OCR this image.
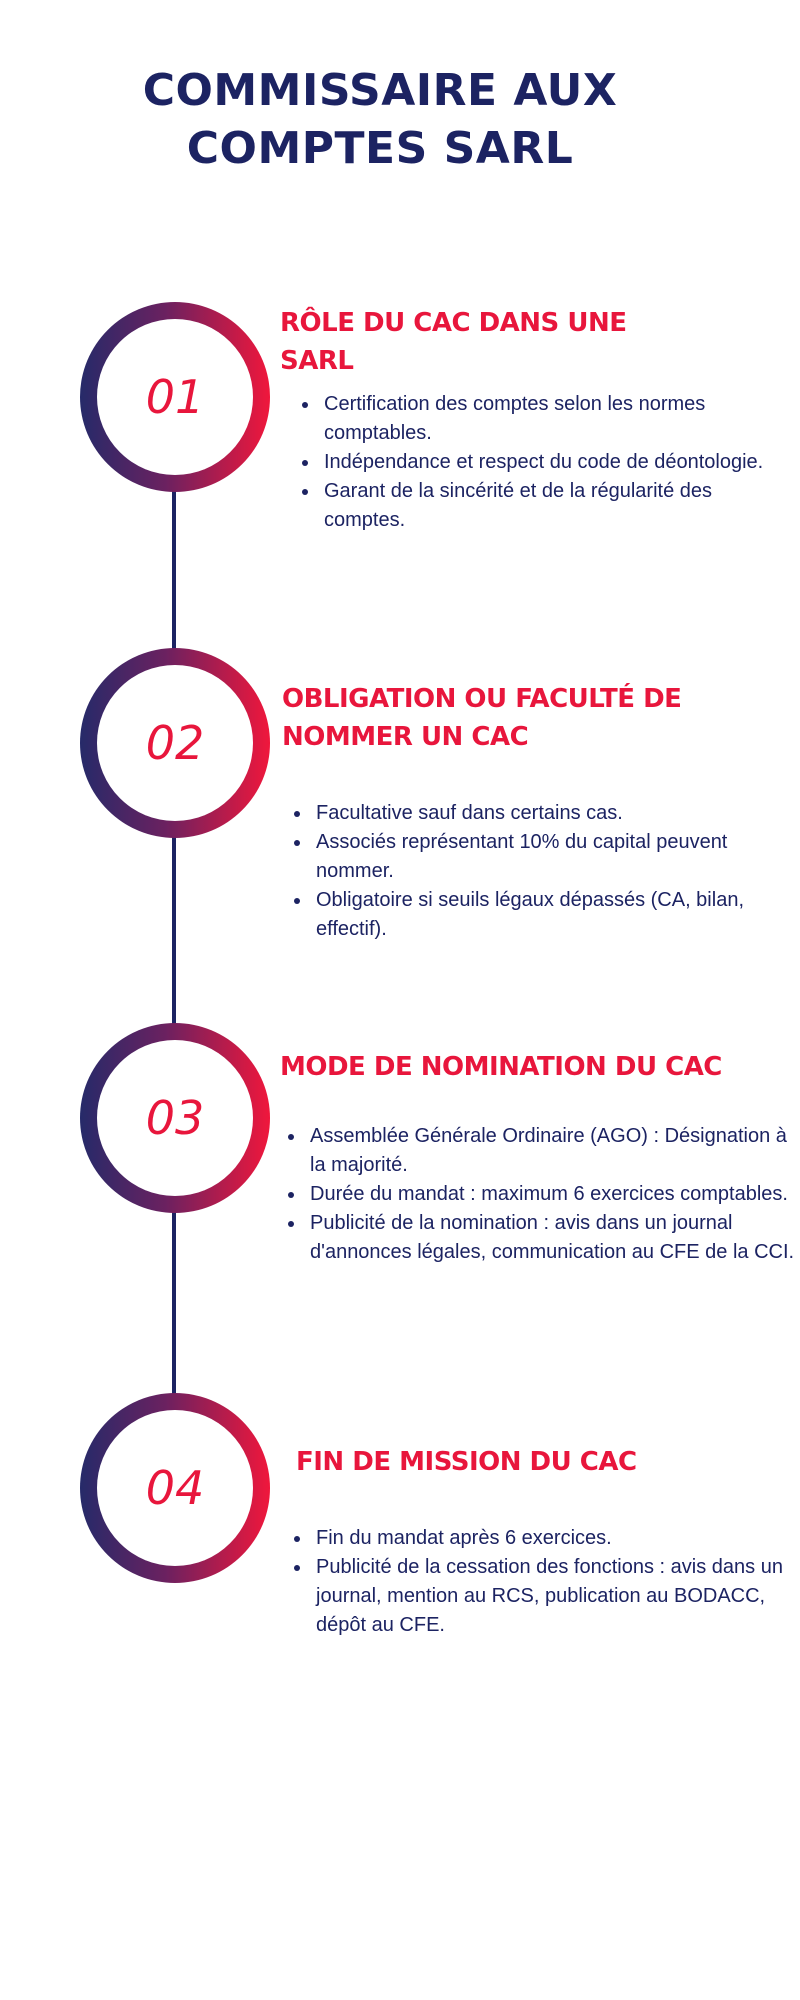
COMMISSAIRE AUX
COMPTES SARL
01
RÔLE DU CAC DANS UNE
SARL
• Certification des comptes selon les normes comptables.
• Indépendance et respect du code de déontologie.
• Garant de la sincérité et de la régularité des comptes.
02
OBLIGATION OU FACULTÉ DE
NOMMER UN CAC
• Facultative sauf dans certains cas.
• Associés représentant 10% du capital peuvent nommer.
• Obligatoire si seuils légaux dépassés (CA, bilan, effectif).
03
MODE DE NOMINATION DU CAC
• Assemblée Générale Ordinaire (AGO) : Désignation à la majorité.
• Durée du mandat : maximum 6 exercices comptables.
• Publicité de la nomination : avis dans un journal d'annonces légales, communication au CFE de la CCI.
04	FIN DE MISSION DU CAC
• Fin du mandat après 6 exercices.
• Publicité de la cessation des fonctions : avis dans un journal, mention au RCS, publication au BODACC, dépôt au CFE.
